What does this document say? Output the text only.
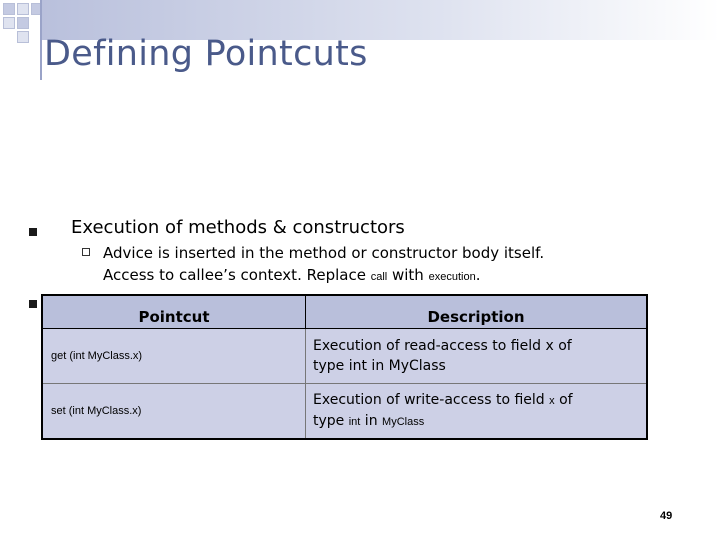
Defining Pointcuts
Execution of methods & constructors
Advice is inserted in the method or constructor body itself.
Access to callee’s context. Replace call with execution.
Pointcut	Description
get (int MyClass.x)	Execution of read-access to field x of
type int in MyClass

set (int MyClass.x)	Execution of write-access to field x of
type int in MyClass
49
